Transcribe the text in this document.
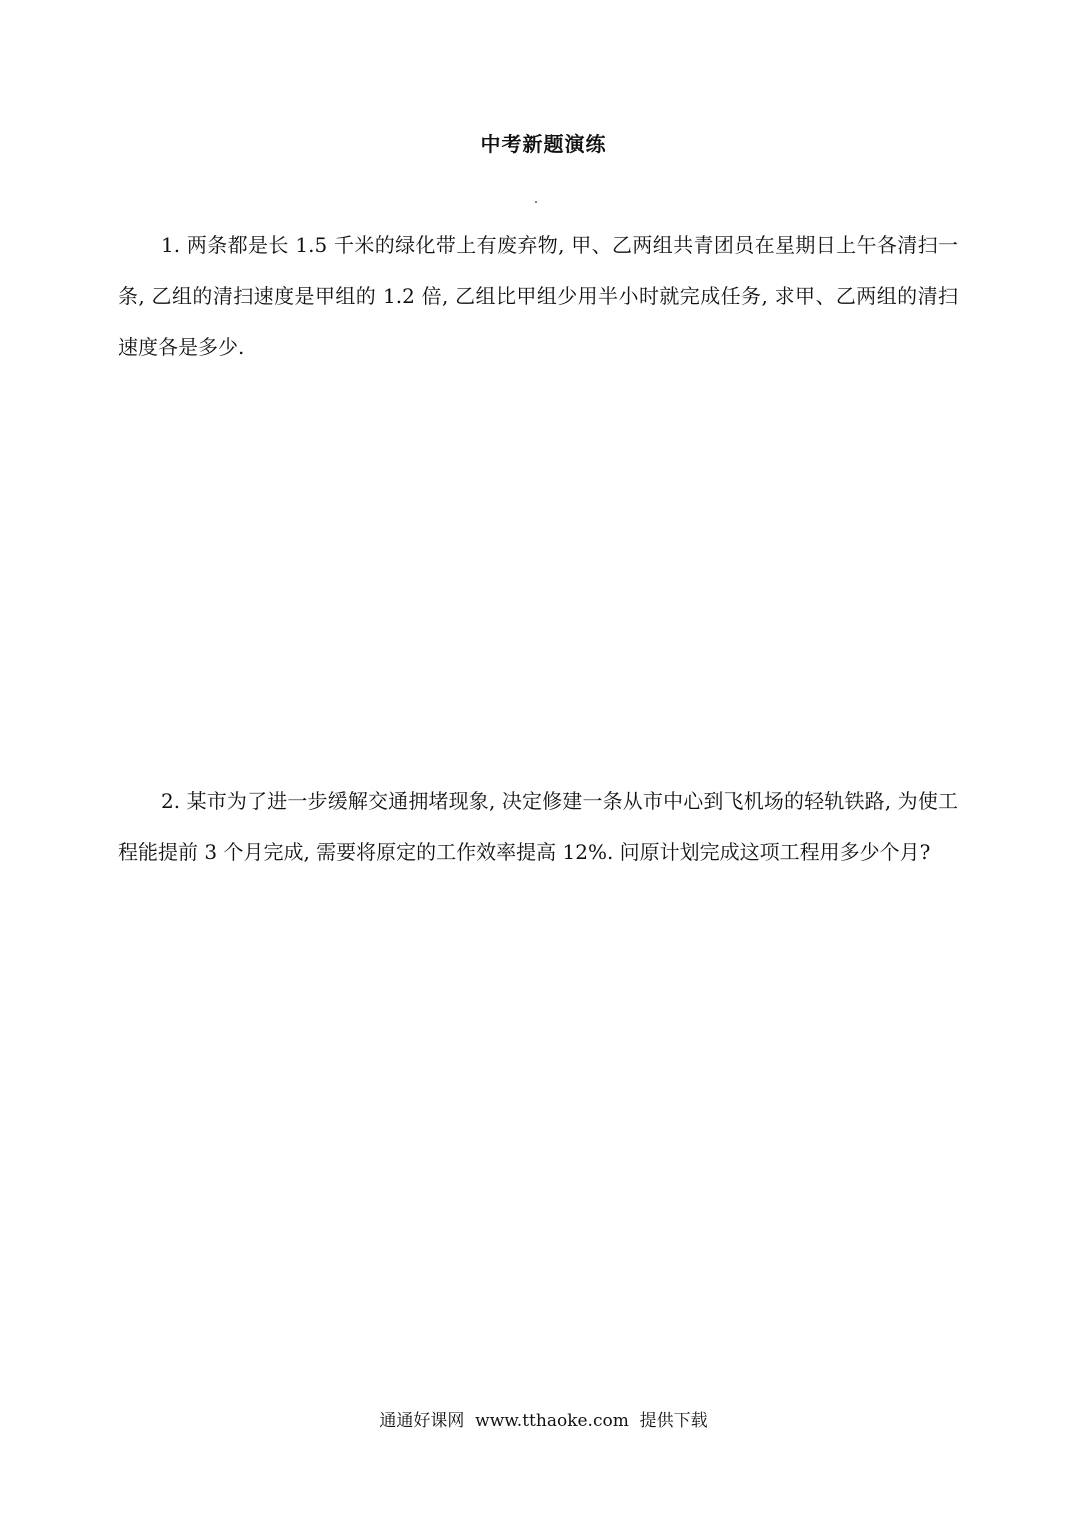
中考新题演练
1. 两条都是长 1.5 千米的绿化带上有废弃物, 甲、乙两组共青团员在星期日上午各清扫一条, 乙组的清扫速度是甲组的 1.2 倍, 乙组比甲组少用半小时就完成任务, 求甲、乙两组的清扫速度各是多少.
2. 某市为了进一步缓解交通拥堵现象, 决定修建一条从市中心到飞机场的轻轨铁路, 为使工程能提前 3 个月完成, 需要将原定的工作效率提高 12%. 问原计划完成这项工程用多少个月?
通通好课网  www.tthaoke.com  提供下载
